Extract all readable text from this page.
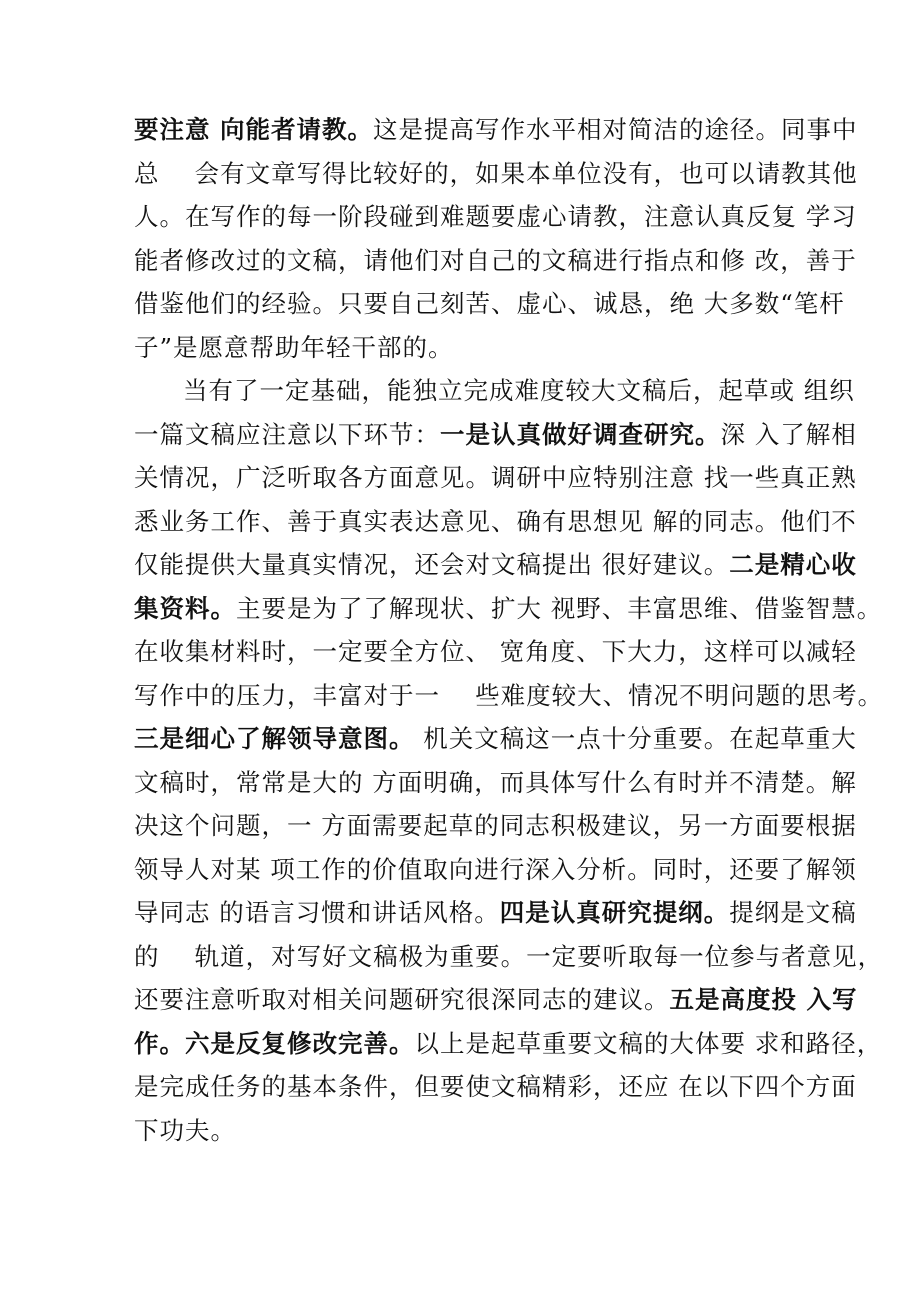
要注意 向能者请教。这是提高写作水平相对简洁的途径。同事中
总    会有文章写得比较好的，如果本单位没有，也可以请教其他
人。在写作的每一阶段碰到难题要虚心请教，注意认真反复 学习
能者修改过的文稿，请他们对自己的文稿进行指点和修 改，善于
借鉴他们的经验。只要自己刻苦、虚心、诚恳，绝 大多数“笔杆
子”是愿意帮助年轻干部的。
当有了一定基础，能独立完成难度较大文稿后，起草或 组织
一篇文稿应注意以下环节：一是认真做好调查研究。深 入了解相
关情况，广泛听取各方面意见。调研中应特别注意 找一些真正熟
悉业务工作、善于真实表达意见、确有思想见 解的同志。他们不
仅能提供大量真实情况，还会对文稿提出 很好建议。二是精心收
集资料。主要是为了了解现状、扩大 视野、丰富思维、借鉴智慧。
在收集材料时，一定要全方位、 宽角度、下大力，这样可以减轻
写作中的压力，丰富对于一    些难度较大、情况不明问题的思考。
三是细心了解领导意图。 机关文稿这一点十分重要。在起草重大
文稿时，常常是大的 方面明确，而具体写什么有时并不清楚。解
决这个问题，一 方面需要起草的同志积极建议，另一方面要根据
领导人对某 项工作的价值取向进行深入分析。同时，还要了解领
导同志 的语言习惯和讲话风格。四是认真研究提纲。提纲是文稿
的    轨道，对写好文稿极为重要。一定要听取每一位参与者意见，
还要注意听取对相关问题研究很深同志的建议。五是高度投 入写
作。六是反复修改完善。以上是起草重要文稿的大体要 求和路径，
是完成任务的基本条件，但要使文稿精彩，还应 在以下四个方面
下功夫。
